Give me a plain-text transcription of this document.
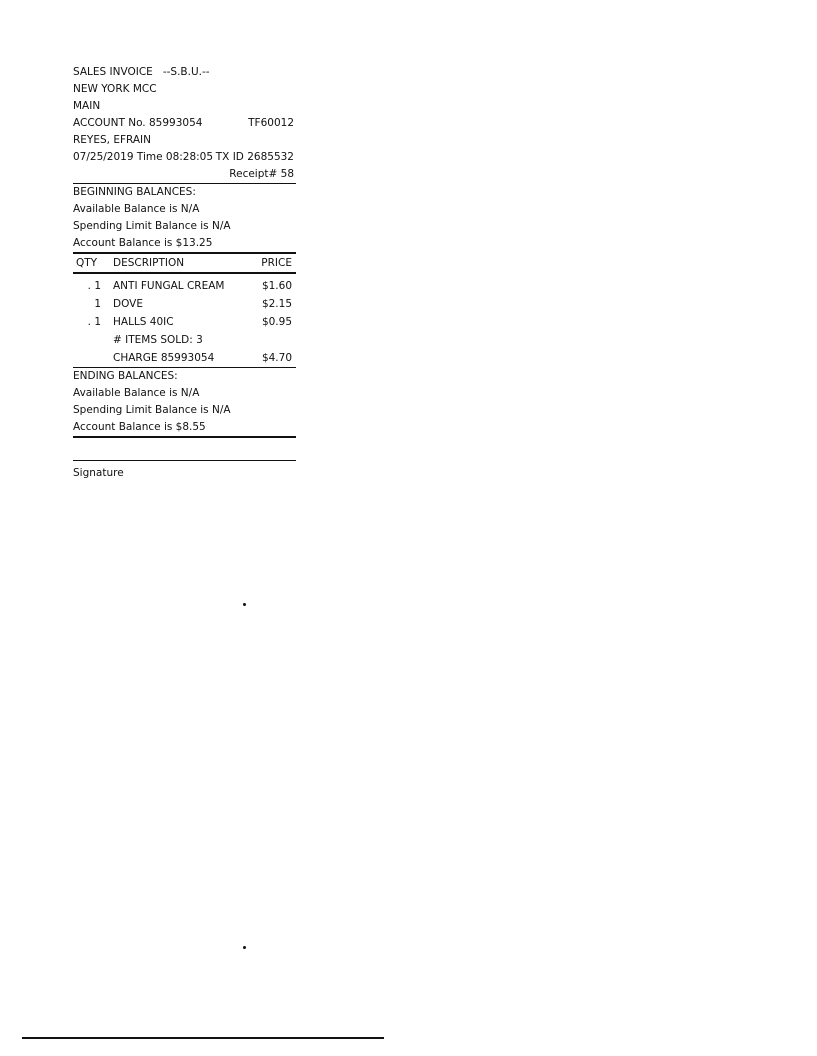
SALES INVOICE --S.B.U.--
NEW YORK MCC
MAIN
ACCOUNT No. 85993054	TF60012
REYES, EFRAIN
07/25/2019 Time 08:28:05 TX ID 2685532
Receipt# 58
BEGINNING BALANCES:
Available Balance is N/A
Spending Limit Balance is N/A
Account Balance is $13.25
QTY DESCRIPTION	PRICE
. 1 ANTI FUNGAL CREAM	$1.60
1 DOVE	$2.15
. 1 HALLS 40IC	$0.95
# ITEMS SOLD: 3
CHARGE 85993054	$4.70
ENDING BALANCES:
Available Balance is N/A
Spending Limit Balance is N/A
Account Balance is $8.55
Signature
